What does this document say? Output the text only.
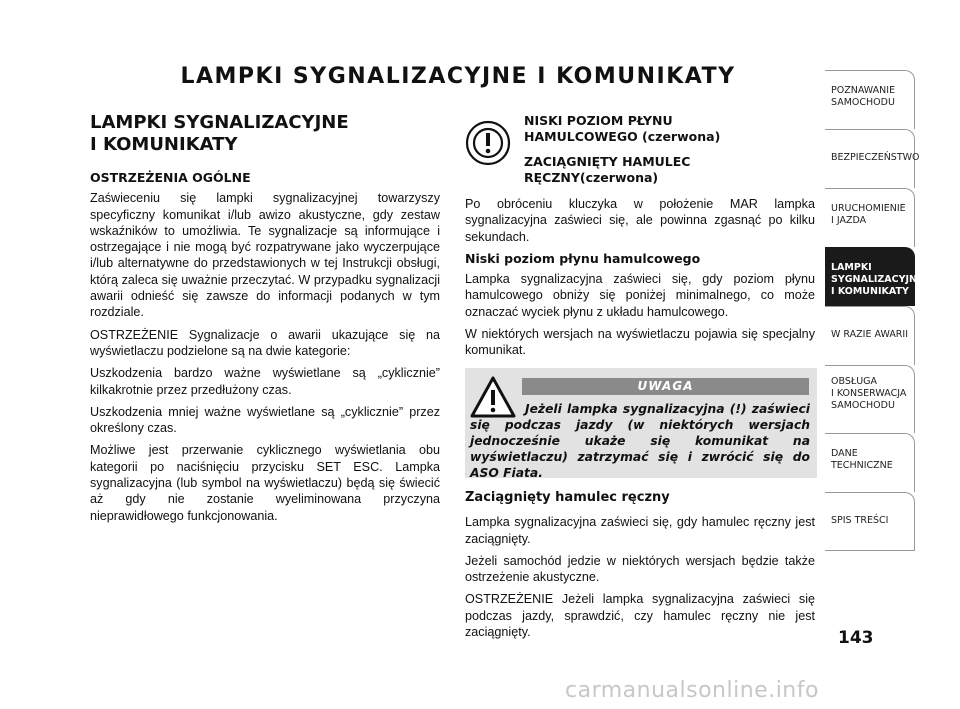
LAMPKI SYGNALIZACYJNE I KOMUNIKATY
LAMPKI SYGNALIZACYJNE
I KOMUNIKATY
OSTRZEŻENIA OGÓLNE

Zaświeceniu się lampki sygnalizacyjnej towarzyszy specyficzny komunikat i/lub awizo akustyczne, gdy zestaw wskaźników to umożliwia. Te sygnalizacje są informujące i ostrzegające i nie mogą być rozpatrywane jako wyczerpujące i/lub alternatywne do przedstawionych w tej Instrukcji obsługi, którą zaleca się uważnie przeczytać. W przypadku sygnalizacji awarii odnieść się zawsze do informacji podanych w tym rozdziale.

OSTRZEŻENIE Sygnalizacje o awarii ukazujące się na wyświetlaczu podzielone są na dwie kategorie:

Uszkodzenia bardzo ważne wyświetlane są „cyklicznie” kilkakrotnie przez przedłużony czas.

Uszkodzenia mniej ważne wyświetlane są „cyklicznie” przez określony czas.

Możliwe jest przerwanie cyklicznego wyświetlania obu kategorii po naciśnięciu przycisku SET ESC. Lampka sygnalizacyjna (lub symbol na wyświetlaczu) będą się świecić aż gdy nie zostanie wyeliminowana przyczyna nieprawidłowego funkcjonowania.

NISKI POZIOM PŁYNU HAMULCOWEGO (czerwona)
ZACIĄGNIĘTY HAMULEC RĘCZNY(czerwona)

Po obróceniu kluczyka w położenie MAR lampka sygnalizacyjna zaświeci się, ale powinna zgasnąć po kilku sekundach.

Niski poziom płynu hamulcowego

Lampka sygnalizacyjna zaświeci się, gdy poziom płynu hamulcowego obniży się poniżej minimalnego, co może oznaczać wyciek płynu z układu hamulcowego.

W niektórych wersjach na wyświetlaczu pojawia się specjalny komunikat.

UWAGA
Jeżeli lampka sygnalizacyjna (!) zaświeci się podczas jazdy (w niektórych wersjach jednocześnie ukaże się komunikat na wyświetlaczu) zatrzymać się i zwrócić się do ASO Fiata.
Zaciągnięty hamulec ręczny

Lampka sygnalizacyjna zaświeci się, gdy hamulec ręczny jest zaciągnięty.

Jeżeli samochód jedzie w niektórych wersjach będzie także ostrzeżenie akustyczne.

OSTRZEŻENIE Jeżeli lampka sygnalizacyjna zaświeci się podczas jazdy, sprawdzić, czy hamulec ręczny nie jest zaciągnięty.

POZNAWANIE
SAMOCHODU
BEZPIECZEŃSTWO
URUCHOMIENIE
I JAZDA
LAMPKI
SYGNALIZACYJNE
I KOMUNIKATY
W RAZIE AWARII
OBSŁUGA
I KONSERWACJA
SAMOCHODU
DANE
TECHNICZNE
SPIS TREŚCI
143
carmanualsonline.info
